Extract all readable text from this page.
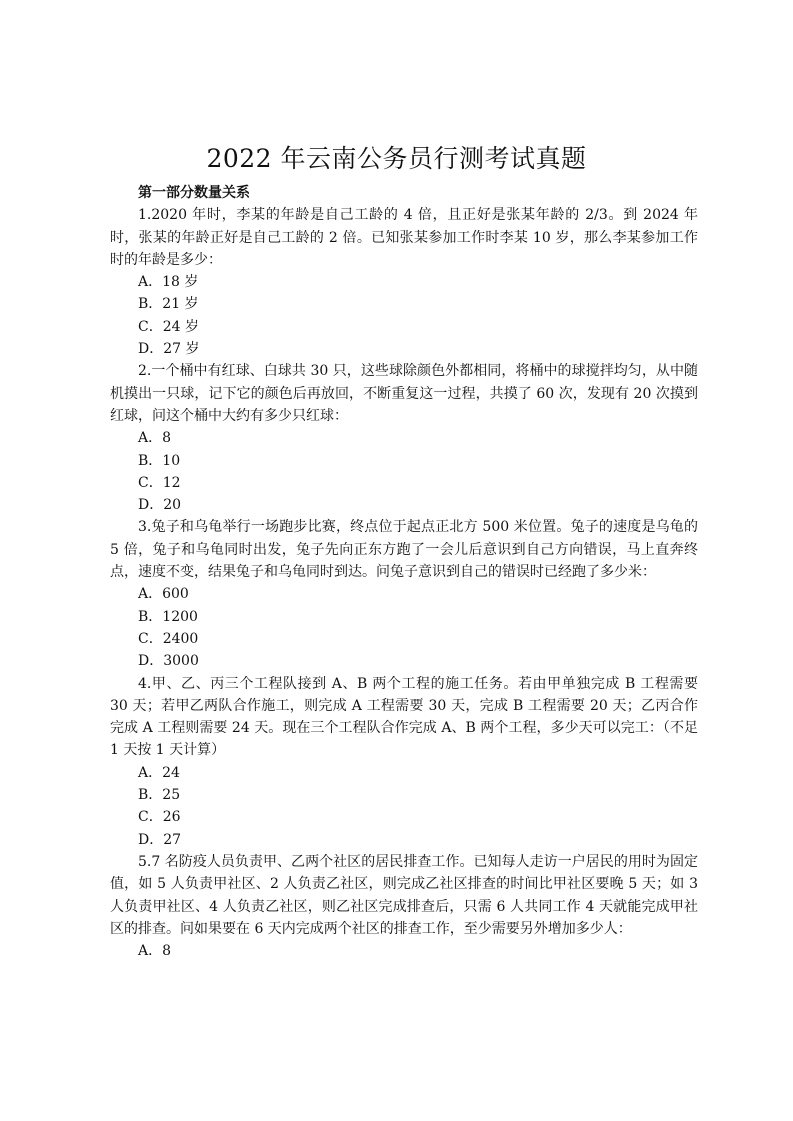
2022 年云南公务员行测考试真题
第一部分数量关系
1.2020 年时，李某的年龄是自己工龄的 4 倍，且正好是张某年龄的 2/3。到 2024 年时，张某的年龄正好是自己工龄的 2 倍。已知张某参加工作时李某 10 岁，那么李某参加工作时的年龄是多少：
A．18 岁
B．21 岁
C．24 岁
D．27 岁
2.一个桶中有红球、白球共 30 只，这些球除颜色外都相同，将桶中的球搅拌均匀，从中随机摸出一只球，记下它的颜色后再放回，不断重复这一过程，共摸了 60 次，发现有 20 次摸到红球，问这个桶中大约有多少只红球：
A．8
B．10
C．12
D．20
3.兔子和乌龟举行一场跑步比赛，终点位于起点正北方 500 米位置。兔子的速度是乌龟的 5 倍，兔子和乌龟同时出发，兔子先向正东方跑了一会儿后意识到自己方向错误，马上直奔终点，速度不变，结果兔子和乌龟同时到达。问兔子意识到自己的错误时已经跑了多少米：
A．600
B．1200
C．2400
D．3000
4.甲、乙、丙三个工程队接到 A、B 两个工程的施工任务。若由甲单独完成 B 工程需要 30 天；若甲乙两队合作施工，则完成 A 工程需要 30 天，完成 B 工程需要 20 天；乙丙合作完成 A 工程则需要 24 天。现在三个工程队合作完成 A、B 两个工程，多少天可以完工：（不足 1 天按 1 天计算）
A．24
B．25
C．26
D．27
5.7 名防疫人员负责甲、乙两个社区的居民排查工作。已知每人走访一户居民的用时为固定值，如 5 人负责甲社区、2 人负责乙社区，则完成乙社区排查的时间比甲社区要晚 5 天；如 3 人负责甲社区、4 人负责乙社区，则乙社区完成排查后，只需 6 人共同工作 4 天就能完成甲社区的排查。问如果要在 6 天内完成两个社区的排查工作，至少需要另外增加多少人：
A．8
